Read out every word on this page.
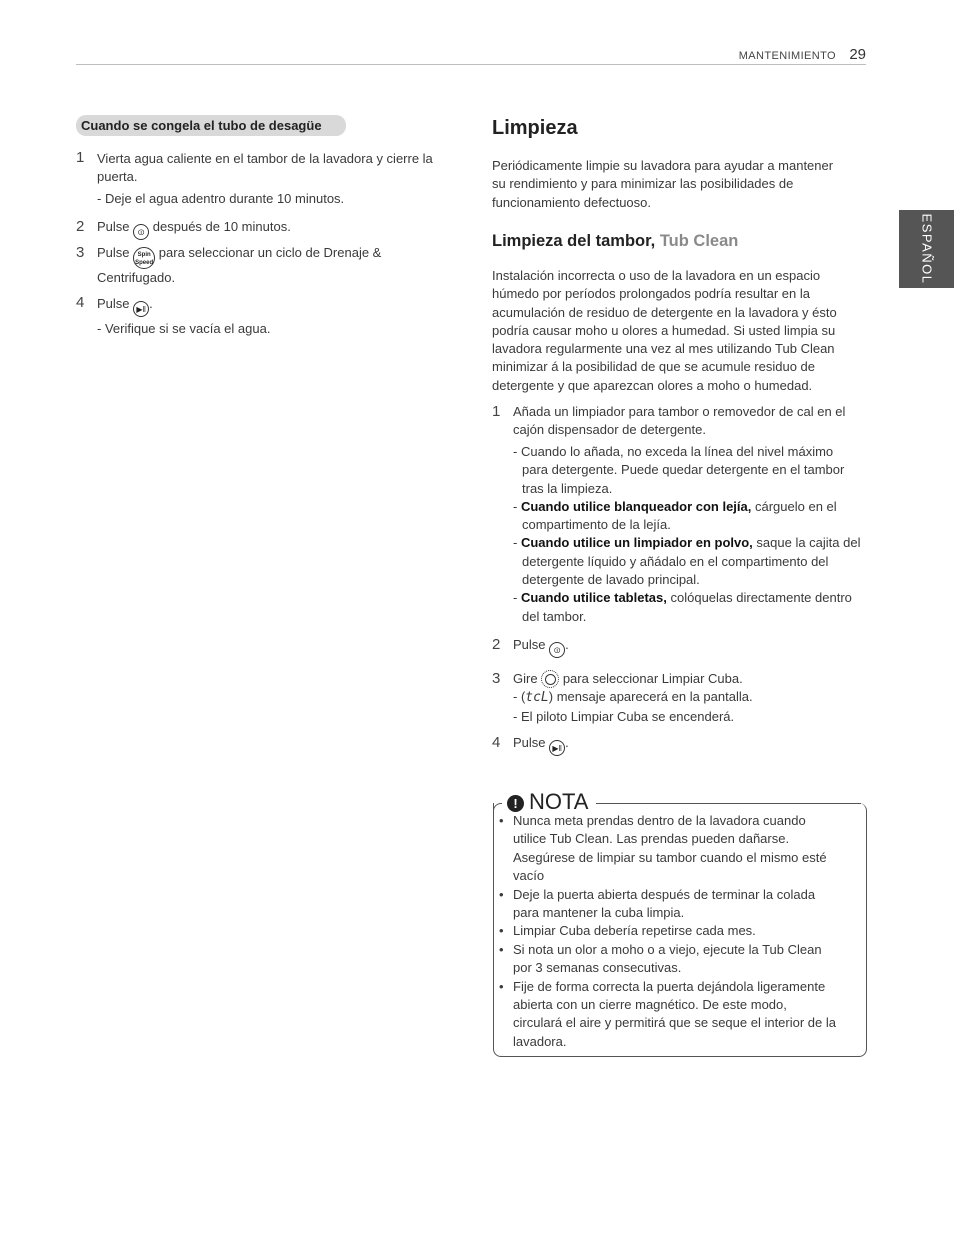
MANTENIMIENTO 29
ESPAÑOL
Cuando se congela el tubo de desagüe
1 Vierta agua caliente en el tambor de la lavadora y cierre la
puerta.
- Deje el agua adentro durante 10 minutos.
2 Pulse ⏼ después de 10 minutos.
3 Pulse Spin Speed para seleccionar un ciclo de Drenaje &
Centrifugado.
4 Pulse ▶‖ .
- Verifique si se vacía el agua.
Limpieza
Periódicamente limpie su lavadora para ayudar a mantener
su rendimiento y para minimizar las posibilidades de
funcionamiento defectuoso.
Limpieza del tambor, Tub Clean
Instalación incorrecta o uso de la lavadora en un espacio
húmedo por períodos prolongados podría resultar en la
acumulación de residuo de detergente en la lavadora y ésto
podría causar moho u olores a humedad. Si usted limpia su
lavadora regularmente una vez al mes utilizando Tub Clean
minimizar á la posibilidad de que se acumule residuo de
detergente y que aparezcan olores a moho o humedad.
1 Añada un limpiador para tambor o removedor de cal en el
cajón dispensador de detergente.
- Cuando lo añada, no exceda la línea del nivel máximo
para detergente. Puede quedar detergente en el tambor
tras la limpieza.
- Cuando utilice blanqueador con lejía, cárguelo en el
compartimento de la lejía.
- Cuando utilice un limpiador en polvo, saque la cajita del
detergente líquido y añádalo en el compartimento del
detergente de lavado principal.
- Cuando utilice tabletas, colóquelas directamente dentro
del tambor.
2 Pulse ⏼ .
3 Gire para seleccionar Limpiar Cuba.
- (tcL) mensaje aparecerá en la pantalla.
- El piloto Limpiar Cuba se encenderá.
4 Pulse ▶‖ .
! NOTA
• Nunca meta prendas dentro de la lavadora cuando
utilice Tub Clean. Las prendas pueden dañarse.
Asegúrese de limpiar su tambor cuando el mismo esté
vacío
• Deje la puerta abierta después de terminar la colada
para mantener la cuba limpia.
• Limpiar Cuba debería repetirse cada mes.
• Si nota un olor a moho o a viejo, ejecute la Tub Clean
por 3 semanas consecutivas.
• Fije de forma correcta la puerta dejándola ligeramente
abierta con un cierre magnético. De este modo,
circulará el aire y permitirá que se seque el interior de la
lavadora.
